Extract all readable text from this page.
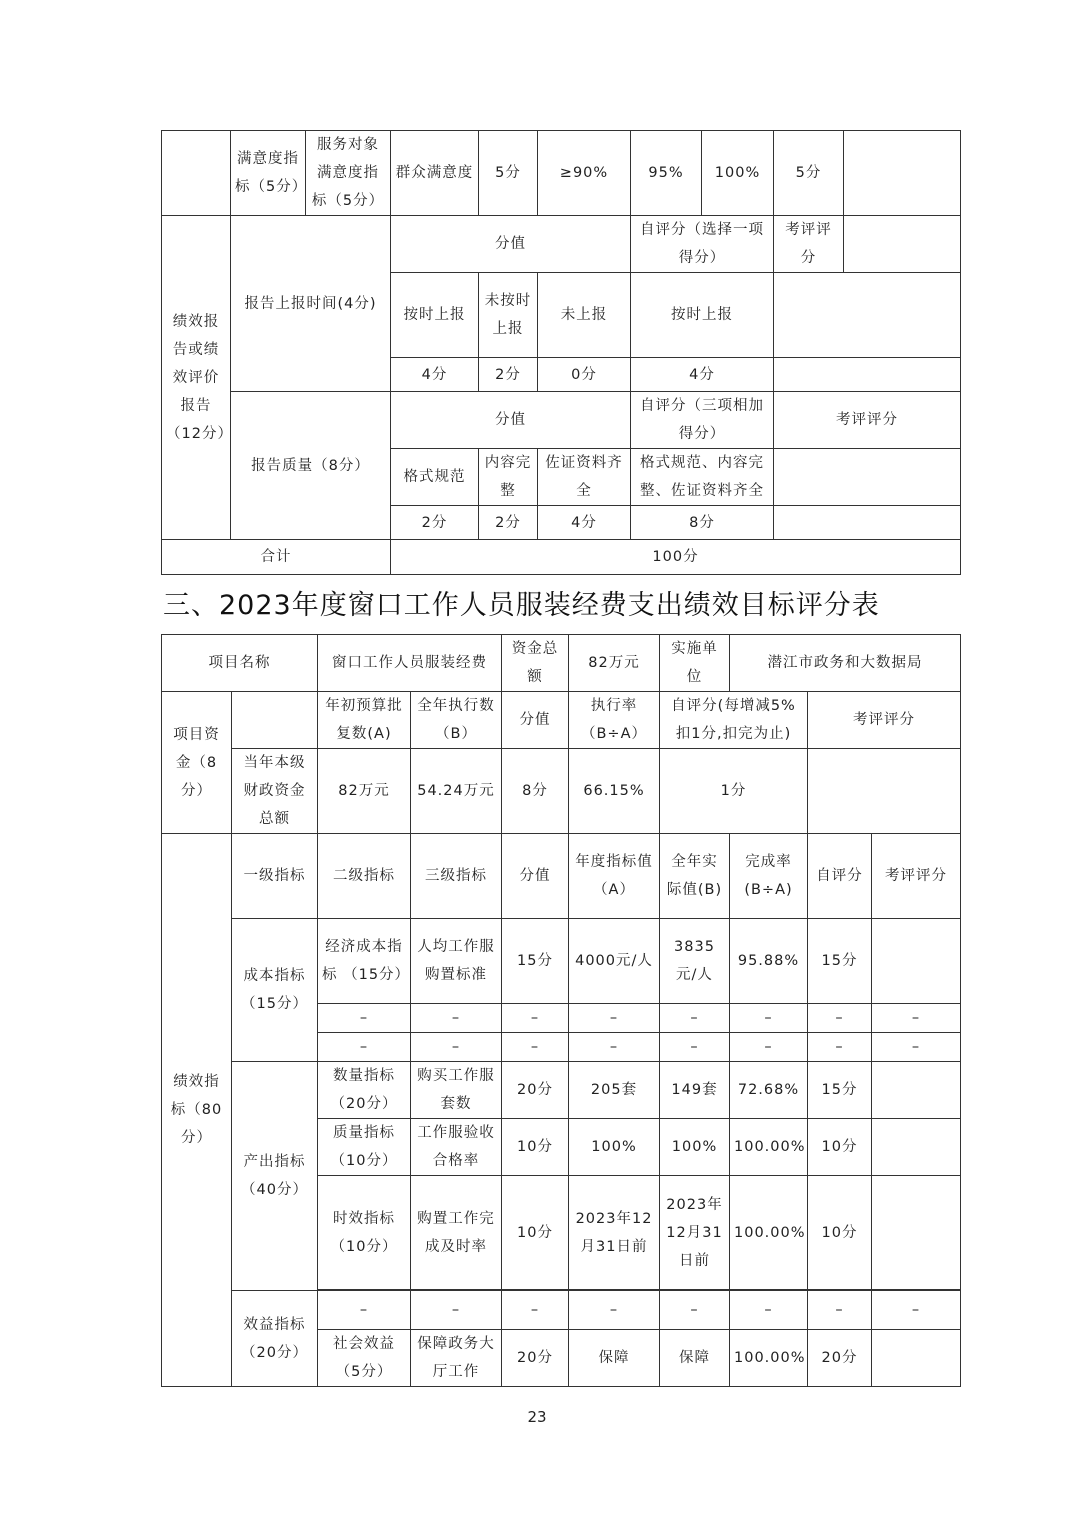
	满意度指标（5分）	服务对象满意度指标（5分）	群众满意度	5分	≥90%	95%	100%	5分	
绩效报告或绩效评价报告（12分）	报告上报时间(4分)		分值			自评分（选择一项得分）		考评评分	
			按时上报	未按时上报	未上报	按时上报			
			4分	2分	0分	4分			
	报告质量（8分）		分值			自评分（三项相加得分）		考评评分	
			格式规范	内容完整	佐证资料齐全	格式规范、内容完整、佐证资料齐全			
			2分	2分	4分	8分			
合计			100分						
三、2023年度窗口工作人员服装经费支出绩效目标评分表
项目名称		窗口工作人员服装经费		资金总额	82万元	实施单位	潜江市政务和大数据局		
项目资金（8分）		年初预算批复数(A)	全年执行数（B）	分值	执行率（B÷A）	自评分(每增减5%扣1分,扣完为止)		考评评分	
	当年本级财政资金总额	82万元	54.24万元	8分	66.15%	1分			
绩效指标（80分）	一级指标	二级指标	三级指标	分值	年度指标值（A）	全年实际值(B)	完成率(B÷A)	自评分	考评评分
	成本指标（15分）	经济成本指标 （15分）	人均工作服购置标准	15分	4000元/人	3835元/人	95.88%	15分	
		–	–	–	–	–	–	–	–
		–	–	–	–	–	–	–	–
	产出指标（40分）	数量指标（20分）	购买工作服套数	20分	205套	149套	72.68%	15分	
		质量指标（10分）	工作服验收合格率	10分	100%	100%	100.00%	10分	
		时效指标（10分）	购置工作完成及时率	10分	2023年12月31日前	2023年12月31日前	100.00%	10分	

	效益指标（20分）	–	–	–	–	–	–	–	–
		社会效益（5分）	保障政务大厅工作	20分	保障	保障	100.00%	20分	
23
